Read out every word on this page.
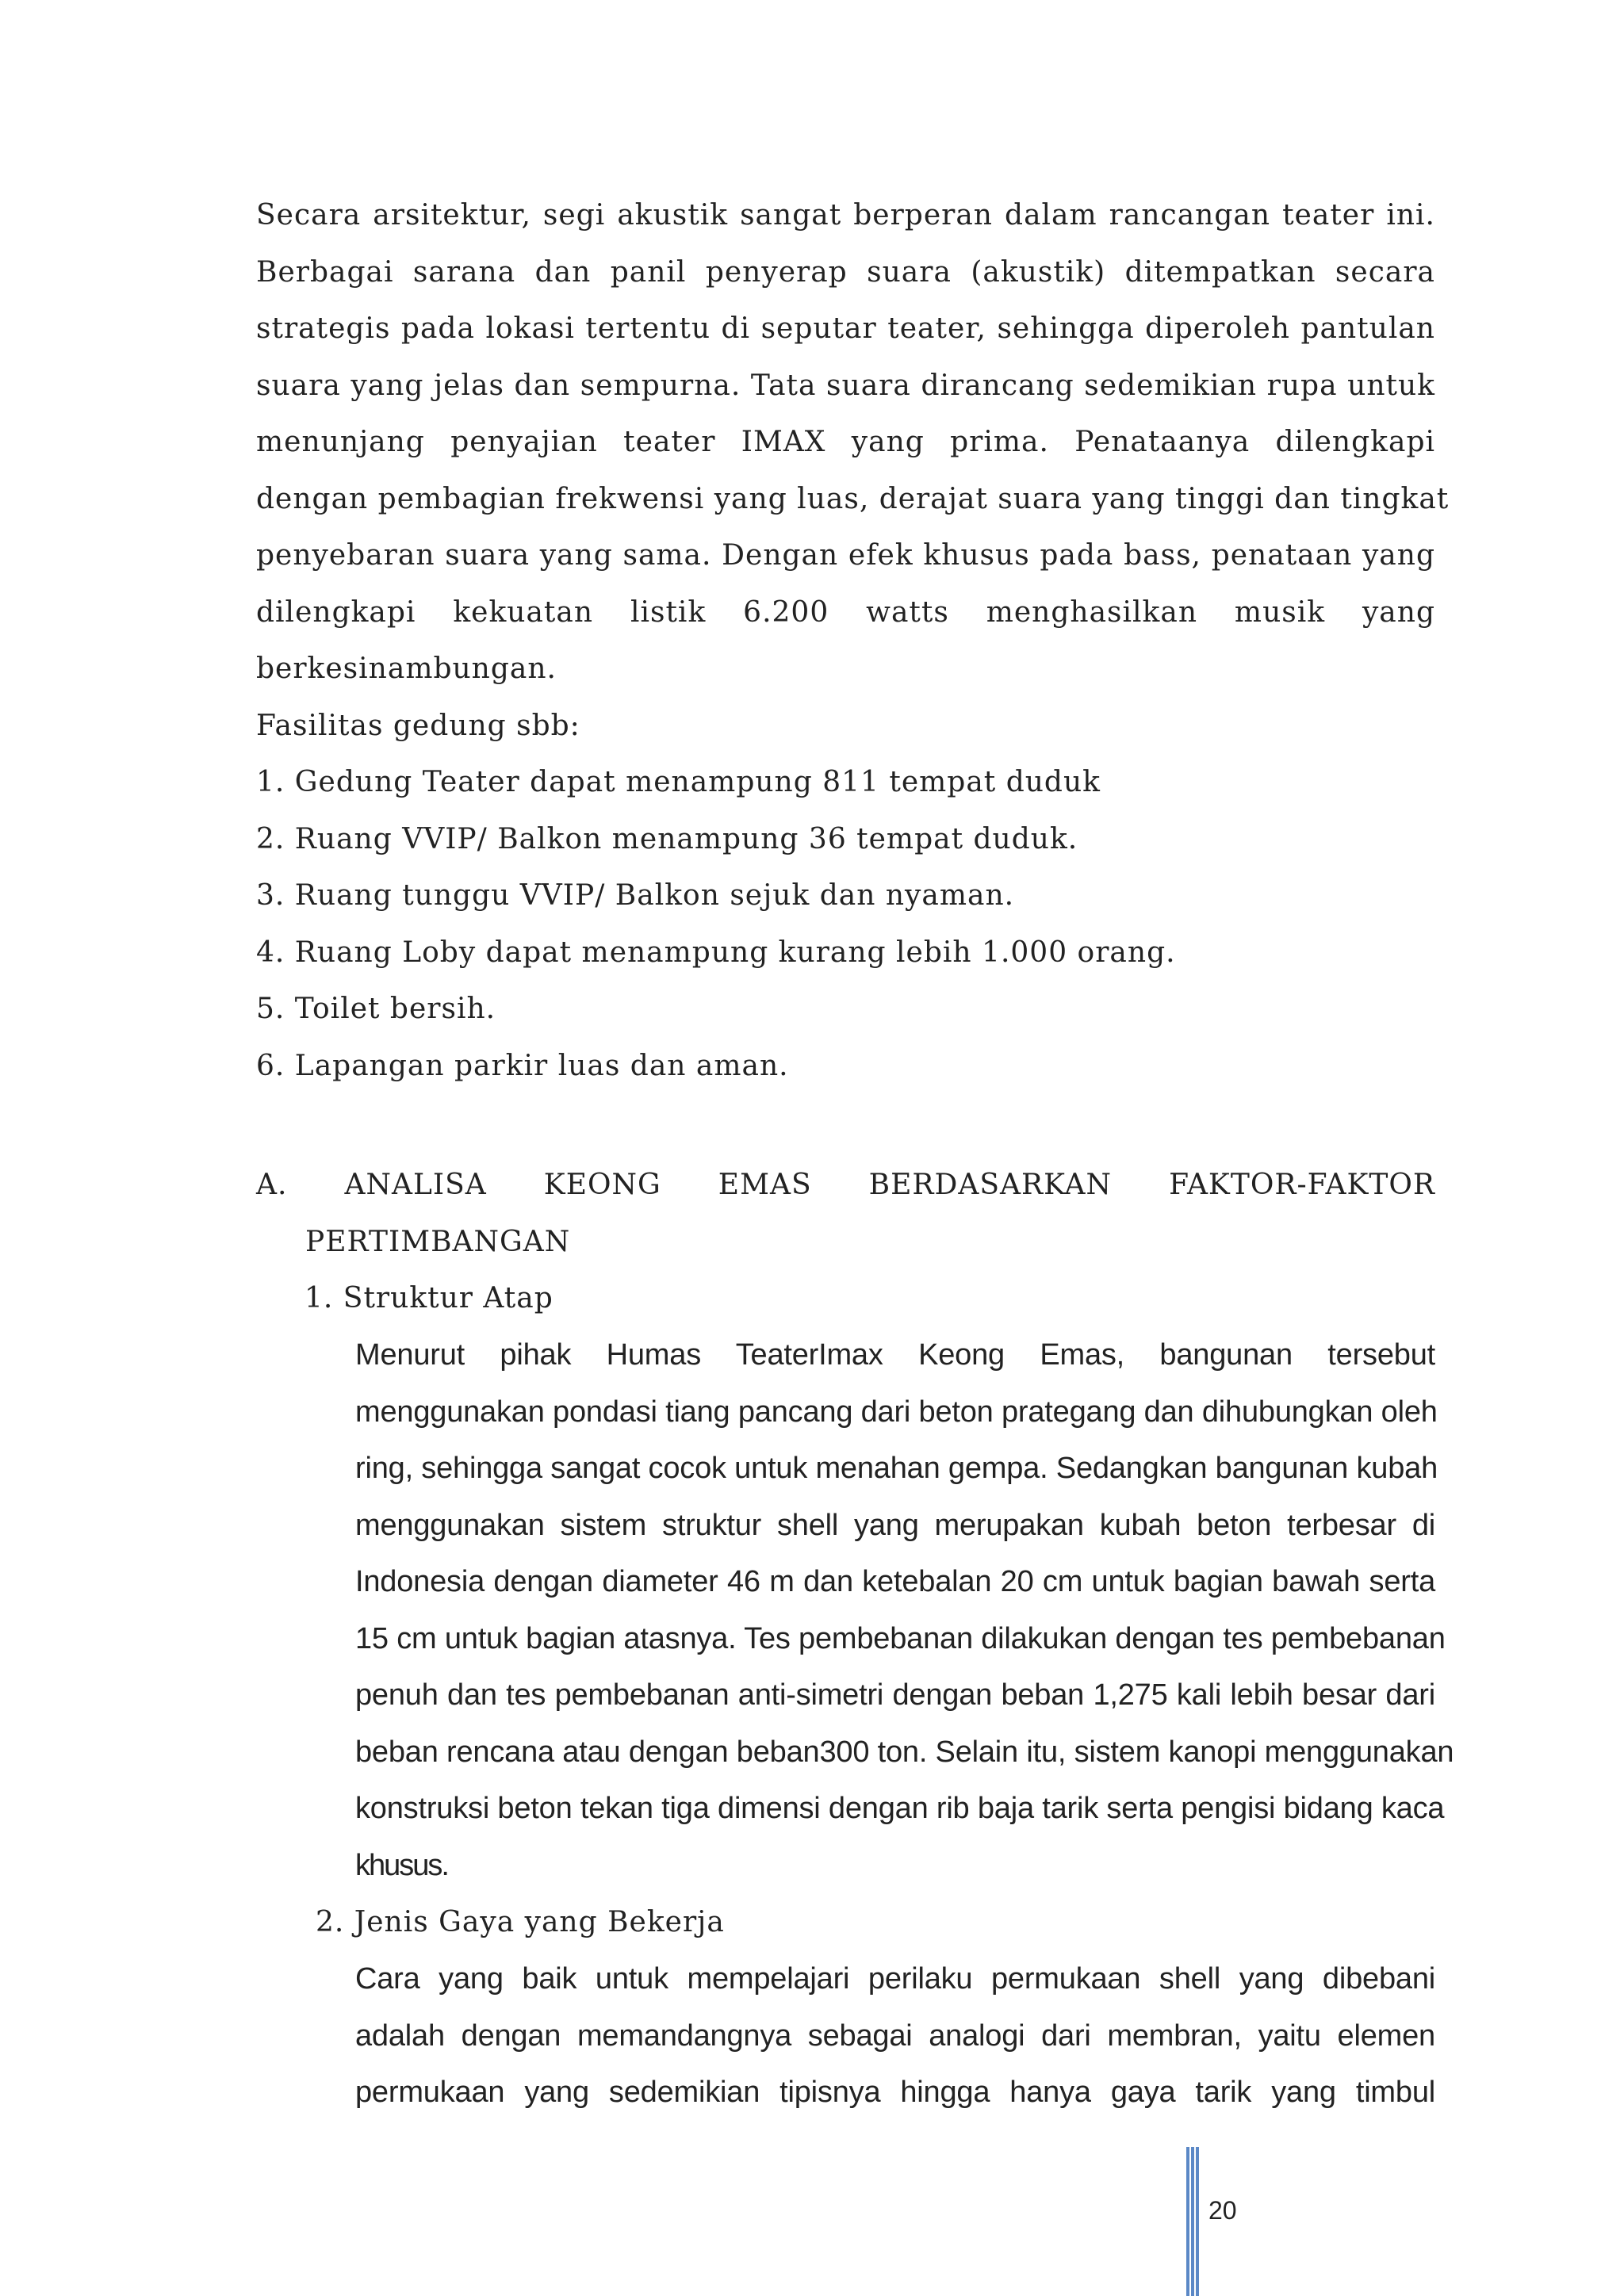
Secara arsitektur, segi akustik sangat berperan dalam rancangan teater ini.
Berbagai sarana dan panil penyerap suara (akustik) ditempatkan secara
strategis pada lokasi tertentu di seputar teater, sehingga diperoleh pantulan
suara yang jelas dan sempurna. Tata suara dirancang sedemikian rupa untuk
menunjang penyajian teater IMAX yang prima. Penataanya dilengkapi
dengan pembagian frekwensi yang luas, derajat suara yang tinggi dan tingkat
penyebaran suara yang sama. Dengan efek khusus pada bass, penataan yang
dilengkapi kekuatan listik 6.200 watts menghasilkan musik yang
berkesinambungan.
Fasilitas gedung sbb:
1. Gedung Teater dapat menampung 811 tempat duduk
2. Ruang VVIP/ Balkon menampung 36 tempat duduk.
3. Ruang tunggu VVIP/ Balkon sejuk dan nyaman.
4. Ruang Loby dapat menampung kurang lebih 1.000 orang.
5. Toilet bersih.
6. Lapangan parkir luas dan aman.
A. ANALISA KEONG EMAS BERDASARKAN FAKTOR-FAKTOR
PERTIMBANGAN
1. Struktur Atap
Menurut pihak Humas TeaterImax Keong Emas, bangunan tersebut
menggunakan pondasi tiang pancang dari beton prategang dan dihubungkan oleh
ring, sehingga sangat cocok untuk menahan gempa. Sedangkan bangunan kubah
menggunakan sistem struktur shell yang merupakan kubah beton terbesar di
Indonesia dengan diameter 46 m dan ketebalan 20 cm untuk bagian bawah serta
15 cm untuk bagian atasnya. Tes pembebanan dilakukan dengan tes pembebanan
penuh dan tes pembebanan anti-simetri dengan beban 1,275 kali lebih besar dari
beban rencana atau dengan beban300 ton. Selain itu, sistem kanopi menggunakan
konstruksi beton tekan tiga dimensi dengan rib baja tarik serta pengisi bidang kaca
khusus.
2. Jenis Gaya yang Bekerja
Cara yang baik untuk mempelajari perilaku permukaan shell yang dibebani
adalah dengan memandangnya sebagai analogi dari membran, yaitu elemen
permukaan yang sedemikian tipisnya hingga hanya gaya tarik yang timbul
20
